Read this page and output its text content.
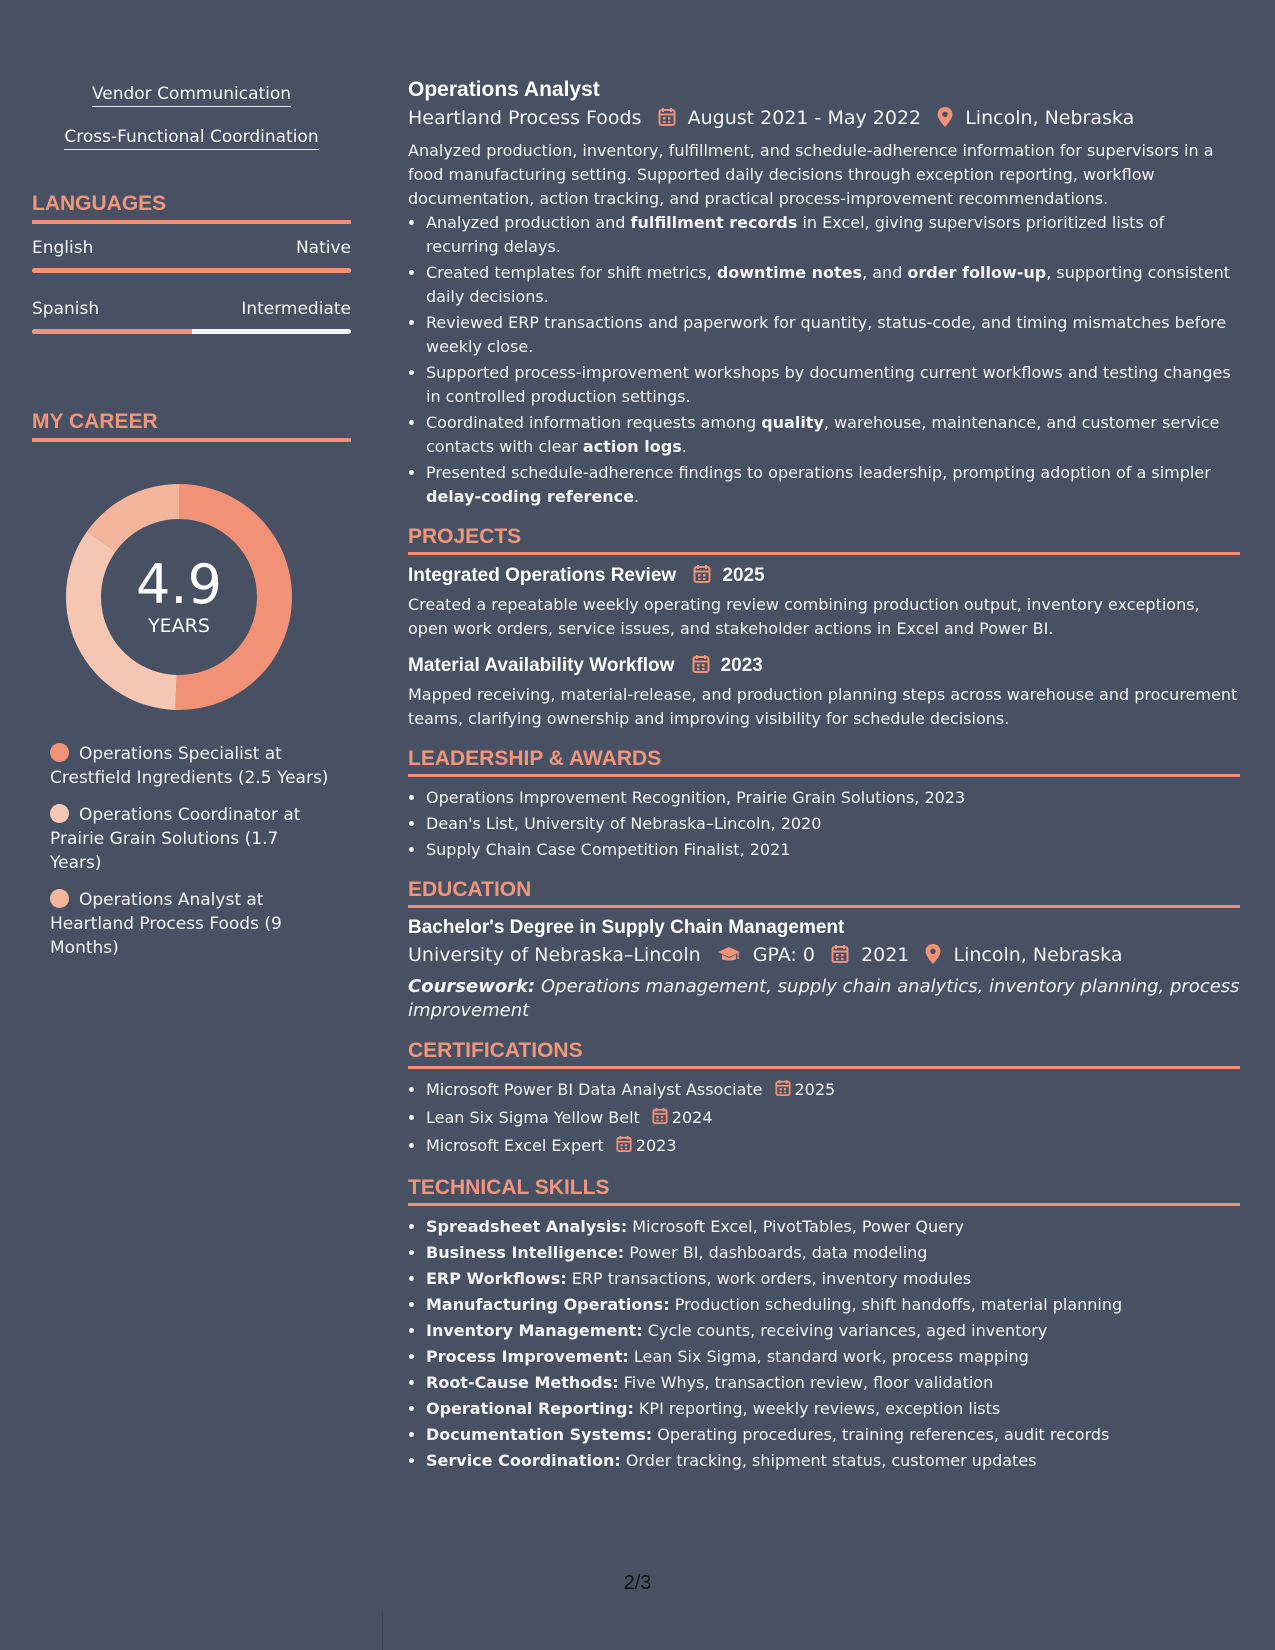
Vendor Communication
Cross-Functional Coordination
LANGUAGES
English	Native
Spanish	Intermediate
MY CAREER
4.9
YEARS
Operations Specialist at Crestfield Ingredients (2.5 Years)
Operations Coordinator at Prairie Grain Solutions (1.7 Years)
Operations Analyst at Heartland Process Foods (9 Months)
Operations Analyst
Heartland Process Foods August 2021 - May 2022 Lincoln, Nebraska
Analyzed production, inventory, fulfillment, and schedule-adherence information for supervisors in a food manufacturing setting. Supported daily decisions through exception reporting, workflow documentation, action tracking, and practical process-improvement recommendations.
• Analyzed production and fulfillment records in Excel, giving supervisors prioritized lists of recurring delays.
• Created templates for shift metrics, downtime notes, and order follow-up, supporting consistent daily decisions.
• Reviewed ERP transactions and paperwork for quantity, status-code, and timing mismatches before weekly close.
• Supported process-improvement workshops by documenting current workflows and testing changes in controlled production settings.
• Coordinated information requests among quality, warehouse, maintenance, and customer service contacts with clear action logs.
• Presented schedule-adherence findings to operations leadership, prompting adoption of a simpler delay-coding reference.
PROJECTS
Integrated Operations Review 2025
Created a repeatable weekly operating review combining production output, inventory exceptions, open work orders, service issues, and stakeholder actions in Excel and Power BI.
Material Availability Workflow 2023
Mapped receiving, material-release, and production planning steps across warehouse and procurement teams, clarifying ownership and improving visibility for schedule decisions.
LEADERSHIP & AWARDS
• Operations Improvement Recognition, Prairie Grain Solutions, 2023
• Dean's List, University of Nebraska–Lincoln, 2020
• Supply Chain Case Competition Finalist, 2021
EDUCATION
Bachelor's Degree in Supply Chain Management
University of Nebraska–Lincoln	GPA: 0 2021 Lincoln, Nebraska
Coursework: Operations management, supply chain analytics, inventory planning, process improvement
CERTIFICATIONS
• Microsoft Power BI Data Analyst Associate 2025
• Lean Six Sigma Yellow Belt 2024
• Microsoft Excel Expert 2023
TECHNICAL SKILLS
• Spreadsheet Analysis: Microsoft Excel, PivotTables, Power Query
• Business Intelligence: Power BI, dashboards, data modeling
• ERP Workflows: ERP transactions, work orders, inventory modules
• Manufacturing Operations: Production scheduling, shift handoffs, material planning
• Inventory Management: Cycle counts, receiving variances, aged inventory
• Process Improvement: Lean Six Sigma, standard work, process mapping
• Root-Cause Methods: Five Whys, transaction review, floor validation
• Operational Reporting: KPI reporting, weekly reviews, exception lists
• Documentation Systems: Operating procedures, training references, audit records
• Service Coordination: Order tracking, shipment status, customer updates
2/3
